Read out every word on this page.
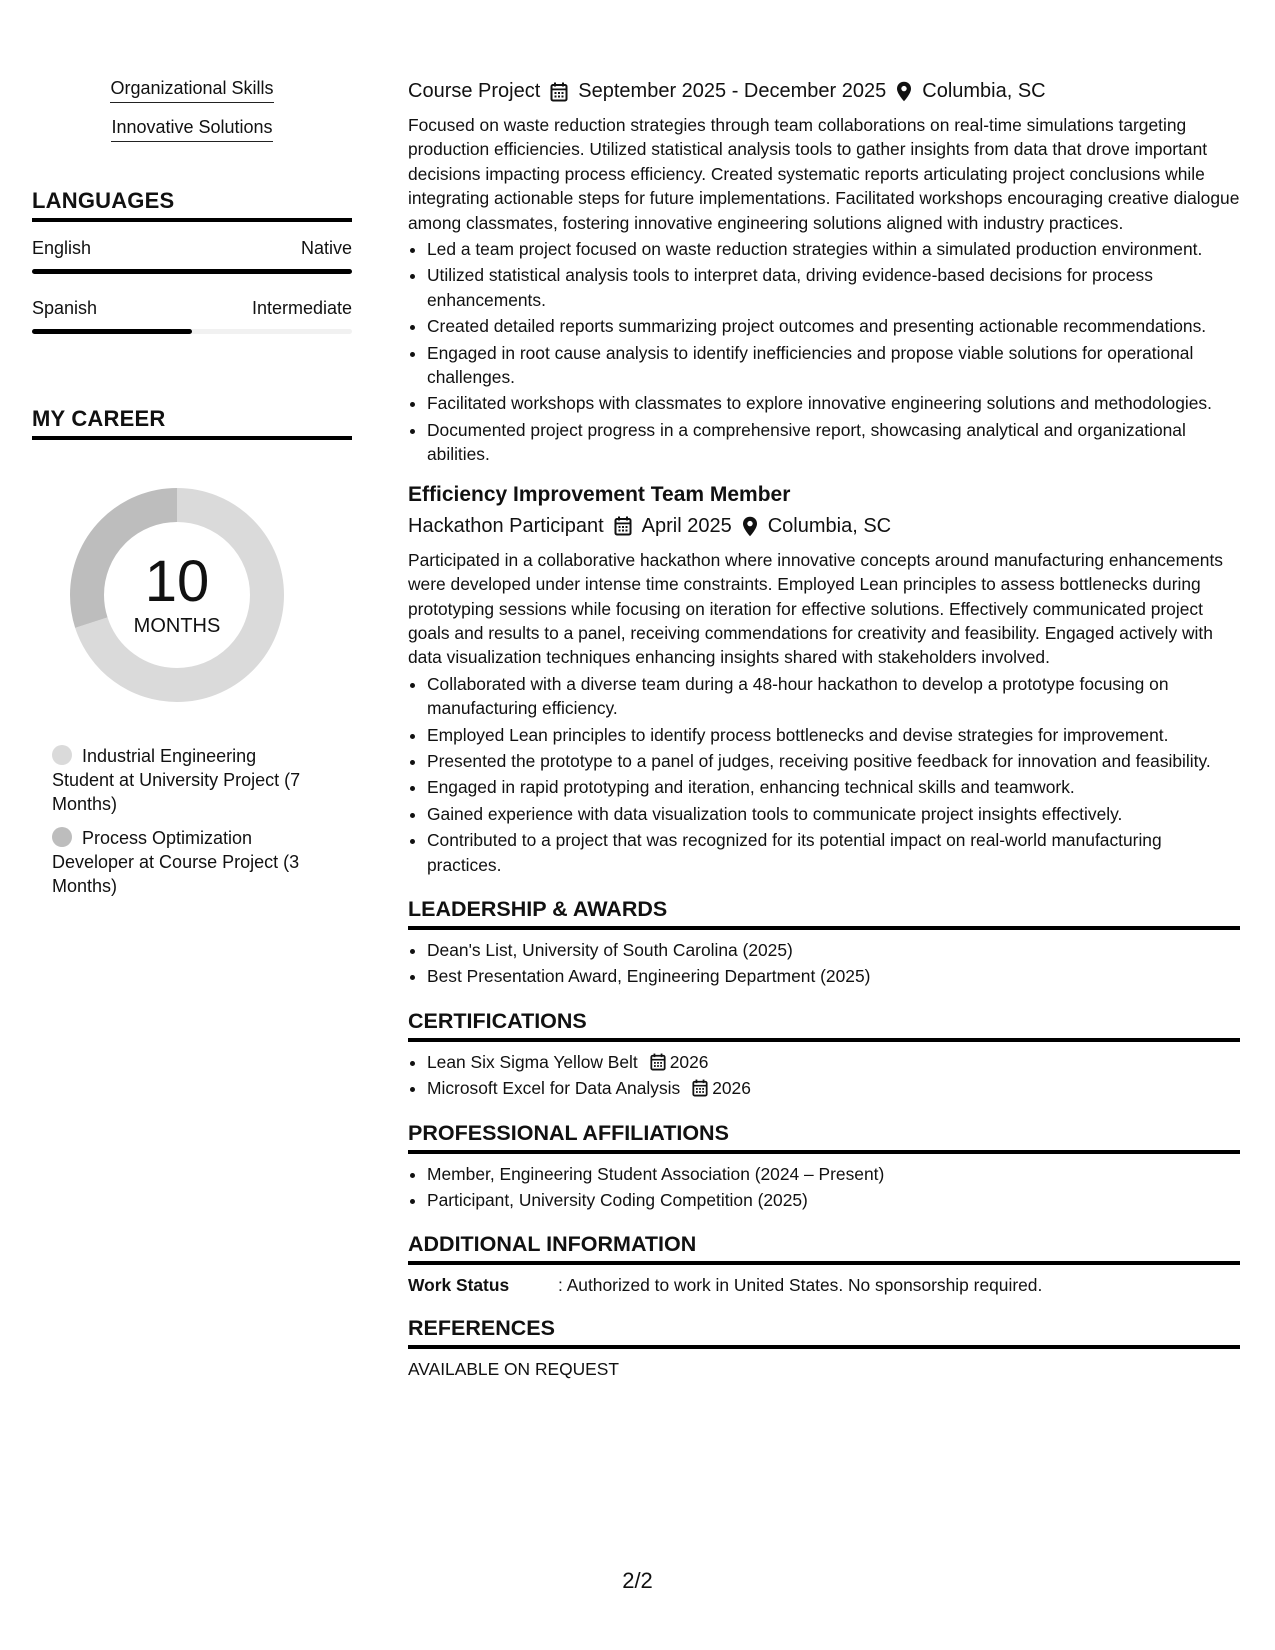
Organizational Skills
Innovative Solutions
LANGUAGES
English	Native
Spanish	Intermediate
MY CAREER
10
MONTHS
Industrial Engineering Student at University Project (7 Months)
Process Optimization Developer at Course Project (3 Months)
Course Project September 2025 - December 2025 Columbia, SC

Focused on waste reduction strategies through team collaborations on real-time simulations targeting production efficiencies. Utilized statistical analysis tools to gather insights from data that drove important decisions impacting process efficiency. Created systematic reports articulating project conclusions while integrating actionable steps for future implementations. Facilitated workshops encouraging creative dialogue among classmates, fostering innovative engineering solutions aligned with industry practices.

• Led a team project focused on waste reduction strategies within a simulated production environment.
• Utilized statistical analysis tools to interpret data, driving evidence-based decisions for process enhancements.
• Created detailed reports summarizing project outcomes and presenting actionable recommendations.
• Engaged in root cause analysis to identify inefficiencies and propose viable solutions for operational challenges.
• Facilitated workshops with classmates to explore innovative engineering solutions and methodologies.
• Documented project progress in a comprehensive report, showcasing analytical and organizational abilities.
Efficiency Improvement Team Member
Hackathon Participant April 2025 Columbia, SC

Participated in a collaborative hackathon where innovative concepts around manufacturing enhancements were developed under intense time constraints. Employed Lean principles to assess bottlenecks during prototyping sessions while focusing on iteration for effective solutions. Effectively communicated project goals and results to a panel, receiving commendations for creativity and feasibility. Engaged actively with data visualization techniques enhancing insights shared with stakeholders involved.

• Collaborated with a diverse team during a 48-hour hackathon to develop a prototype focusing on manufacturing efficiency.
• Employed Lean principles to identify process bottlenecks and devise strategies for improvement.
• Presented the prototype to a panel of judges, receiving positive feedback for innovation and feasibility.
• Engaged in rapid prototyping and iteration, enhancing technical skills and teamwork.
• Gained experience with data visualization tools to communicate project insights effectively.
• Contributed to a project that was recognized for its potential impact on real-world manufacturing practices.
LEADERSHIP & AWARDS
• Dean's List, University of South Carolina (2025)
• Best Presentation Award, Engineering Department (2025)
CERTIFICATIONS
• Lean Six Sigma Yellow Belt 2026
• Microsoft Excel for Data Analysis 2026
PROFESSIONAL AFFILIATIONS
• Member, Engineering Student Association (2024 – Present)
• Participant, University Coding Competition (2025)
ADDITIONAL INFORMATION
Work Status	: Authorized to work in United States. No sponsorship required.
REFERENCES
AVAILABLE ON REQUEST
2/2
